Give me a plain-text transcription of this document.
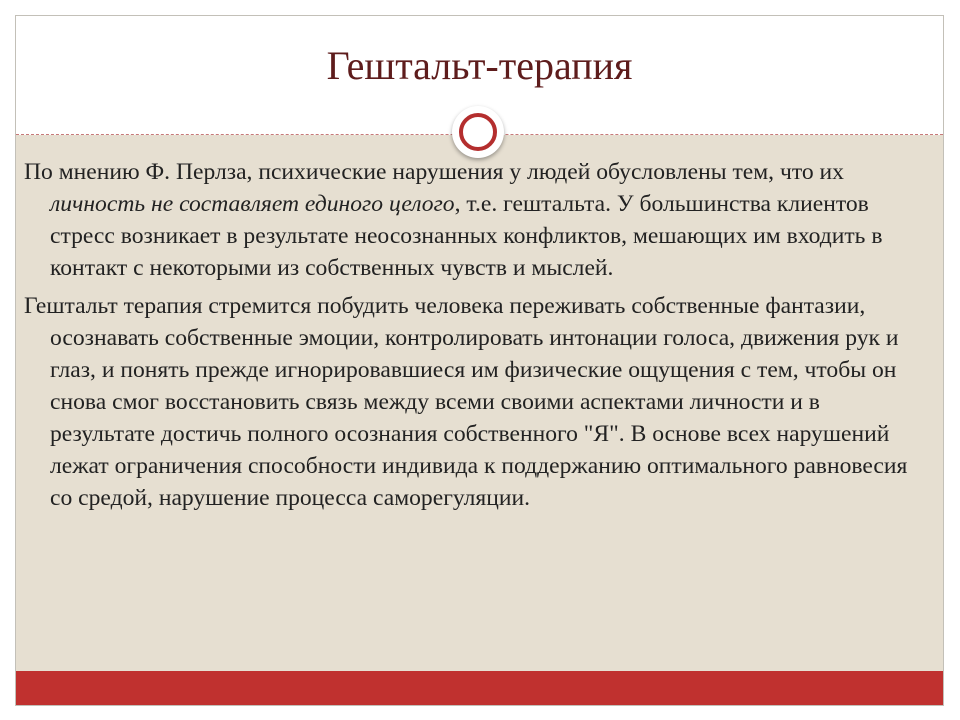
Гештальт-терапия

По мнению Ф. Перлза, психические нарушения у людей обусловлены тем, что их личность не составляет единого целого, т.е. гештальта. У большинства клиентов стресс возникает в результате неосознанных конфликтов, мешающих им входить в контакт с некоторыми из собственных чувств и мыслей.

Гештальт терапия стремится побудить человека переживать собственные фантазии, осознавать собственные эмоции, контролировать интонации голоса, движения рук и глаз, и понять прежде игнорировавшиеся им физические ощущения с тем, чтобы он снова смог восстановить связь между всеми своими аспектами личности и в результате достичь полного осознания собственного "Я". В основе всех нарушений лежат ограничения способности индивида к поддержанию оптимального равновесия со средой, нарушение процесса саморегуляции.
